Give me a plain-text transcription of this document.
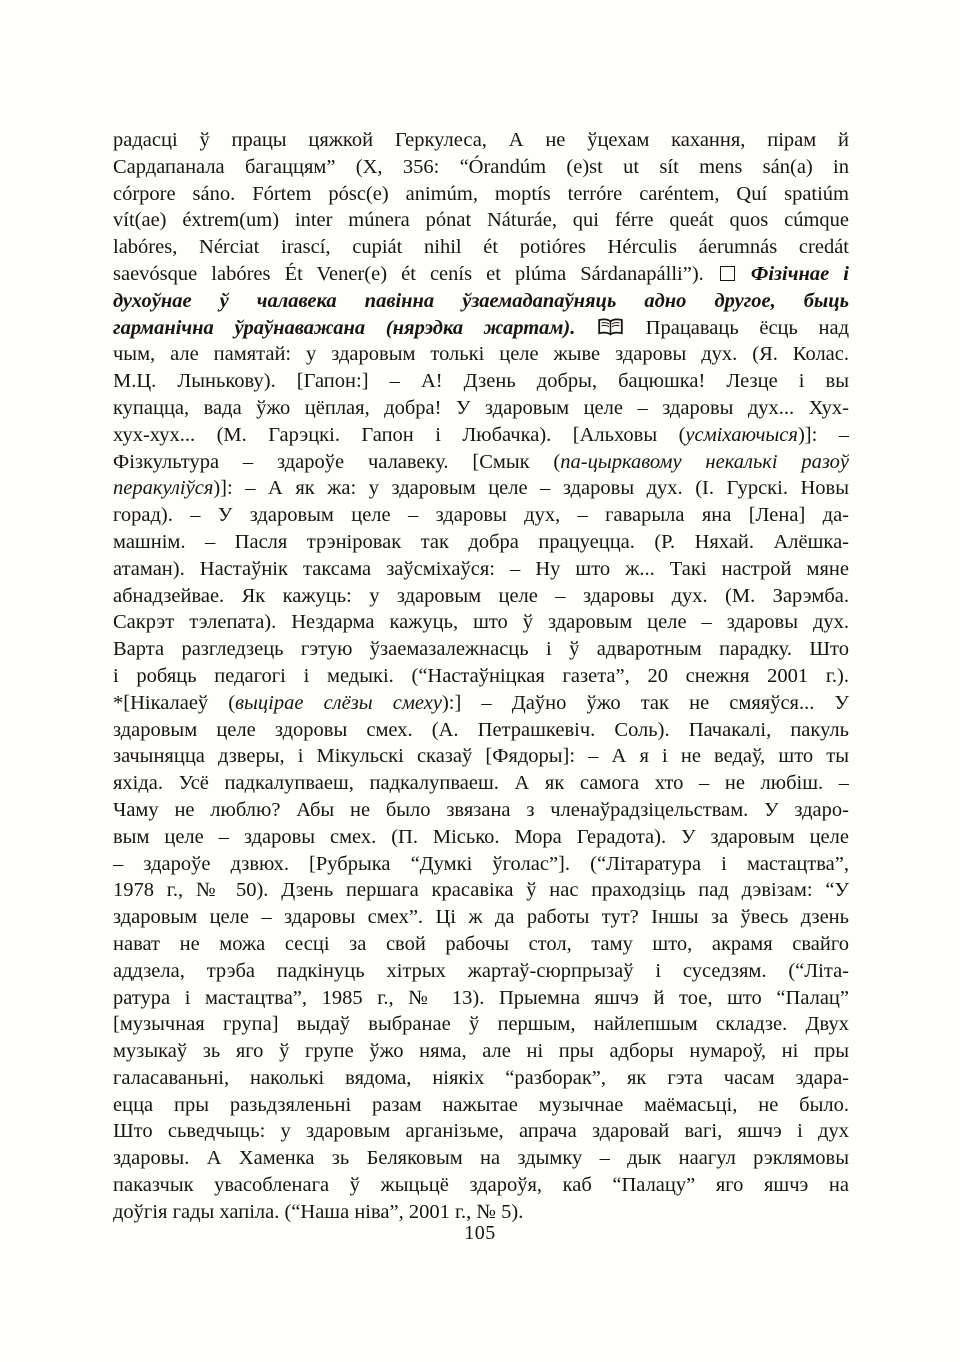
радасці ў працы цяжкой Геркулеса, А не ўцехам кахання, пірам й
Сардапанала багаццям” (X, 356: “Órandúm (e)st ut sít mens sán(a) in
córpore sáno. Fórtem pósc(e) animúm, moptís terróre caréntem, Quí spatiúm
vít(ae) éxtrem(um) inter múnera pónat Náturáe, qui férre queát quos cúmque
labóres, Nérciat irascí, cupiát nihil ét potióres Hérculis áerumnás credát
saevósque labóres Ét Vener(e) ét cenís et plúma Sárdanapálli”).  Фізічнае і
духоўнае ў чалавека павінна ўзаемадапаўняць адно другое, быць
гарманічна ўраўнаважана (нярэдка жартам).  Працаваць ёсць над
чым, але памятай: у здаровым толькі целе жыве здаровы дух. (Я. Колас.
М.Ц. Лынькову). [Гапон:] – А! Дзень добры, бацюшка! Лезце і вы
купацца, вада ўжо цёплая, добра! У здаровым целе – здаровы дух... Хух-
хух-хух... (М. Гарэцкі. Гапон і Любачка). [Альховы (усміхаючыся)]: –
Фізкультура – здароўе чалавеку. [Смык (па-цыркавому некалькі разоў
перакуліўся)]: – А як жа: у здаровым целе – здаровы дух. (І. Гурскі. Новы
горад). – У здаровым целе – здаровы дух, – гаварыла яна [Лена] да-
машнім. – Пасля трэніровак так добра працуецца. (Р. Няхай. Алёшка-
атаман). Настаўнік таксама заўсміхаўся: – Ну што ж... Такі настрой мяне
абнадзейвае. Як кажуць: у здаровым целе – здаровы дух. (М. Зарэмба.
Сакрэт тэлепата). Нездарма кажуць, што ў здаровым целе – здаровы дух.
Варта разгледзець гэтую ўзаемазалежнасць і ў адваротным парадку. Што
і робяць педагогі і медыкі. (“Настаўніцкая газета”, 20 снежня 2001 г.).
*[Нікалаеў (выцірае слёзы смеху):] – Даўно ўжо так не смяяўся... У
здаровым целе здоровы смех. (А. Петрашкевіч. Соль). Пачакалі, пакуль
зачыняцца дзверы, і Мікульскі сказаў [Фядоры]: – А я і не ведаў, што ты
яхіда. Усё падкалупваеш, падкалупваеш. А як самога хто – не любіш. –
Чаму не люблю? Абы не было звязана з членаўрадзіцельствам. У здаро-
вым целе – здаровы смех. (П. Місько. Мора Герадота). У здаровым целе
– здароўе дзвюх. [Рубрыка “Думкі ўголас”]. (“Літаратура і мастацтва”,
1978 г., № 50). Дзень першага красавіка ў нас праходзіць пад дэвізам: “У
здаровым целе – здаровы смех”. Ці ж да работы тут? Іншы за ўвесь дзень
нават не можа сесці за свой рабочы стол, таму што, акрамя свайго
аддзела, трэба падкінуць хітрых жартаў-сюрпрызаў і суседзям. (“Літа-
ратура і мастацтва”, 1985 г., № 13). Прыемна яшчэ й тое, што “Палац”
[музычная група] выдаў выбранае ў першым, найлепшым складзе. Двух
музыкаў зь яго ў групе ўжо няма, але ні пры адборы нумароў, ні пры
галасаваньні, наколькі вядома, ніякіх “разборак”, як гэта часам здара-
ецца пры разьдзяленьні разам нажытае музычнае маёмасьці, не было.
Што сьведчыць: у здаровым арганізьме, апрача здаровай вагі, яшчэ і дух
здаровы. А Хаменка зь Беляковым на здымку – дык наагул рэклямовы
паказчык увасобленага ў жыцьцё здароўя, каб “Палацу” яго яшчэ на
доўгія гады хапіла. (“Наша ніва”, 2001 г., № 5).
105
